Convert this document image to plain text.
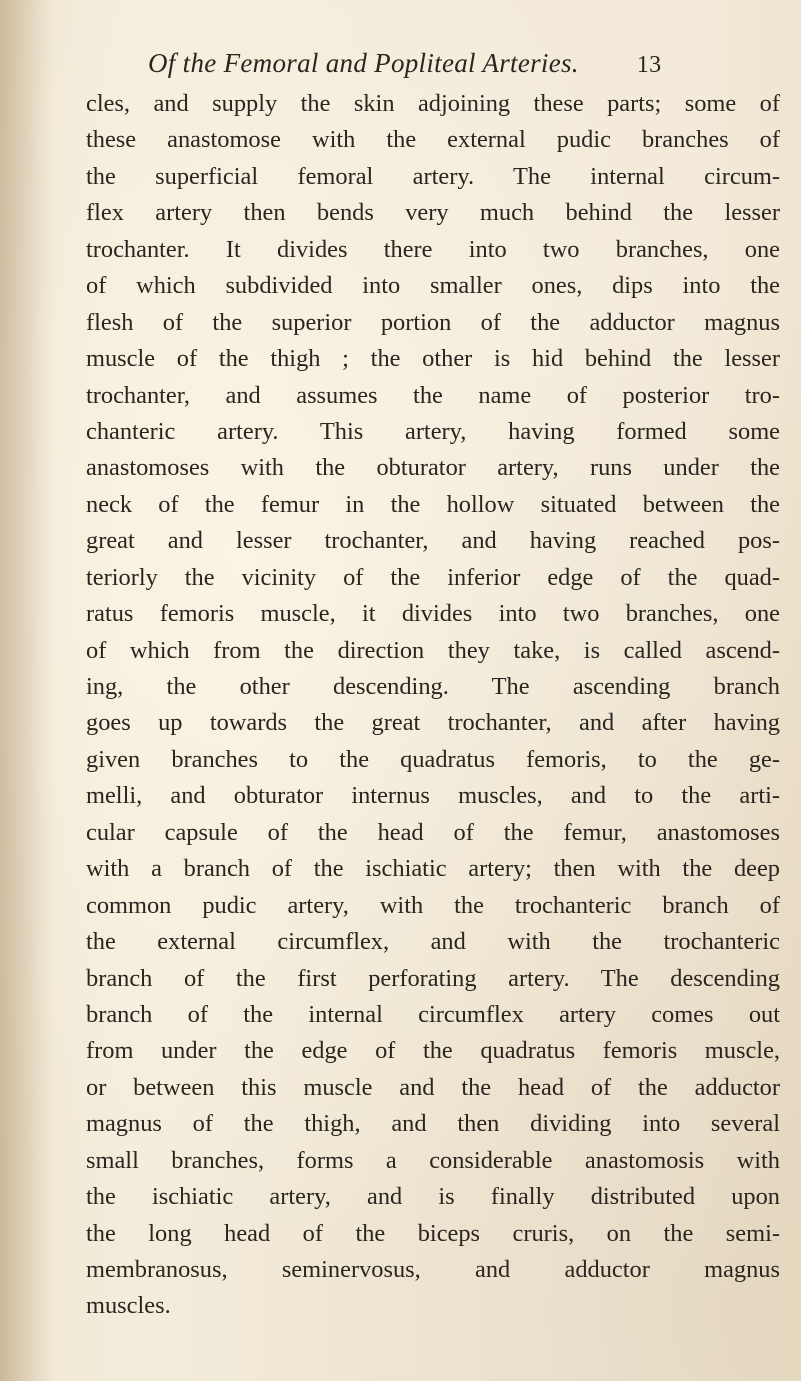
Of the Femoral and Popliteal Arteries. 13
cles, and supply the skin adjoining these parts; some of
these anastomose with the external pudic branches of
the superficial femoral artery. The internal circum-
flex artery then bends very much behind the lesser
trochanter. It divides there into two branches, one
of which subdivided into smaller ones, dips into the
flesh of the superior portion of the adductor magnus
muscle of the thigh ; the other is hid behind the lesser
trochanter, and assumes the name of posterior tro-
chanteric artery. This artery, having formed some
anastomoses with the obturator artery, runs under the
neck of the femur in the hollow situated between the
great and lesser trochanter, and having reached pos-
teriorly the vicinity of the inferior edge of the quad-
ratus femoris muscle, it divides into two branches, one
of which from the direction they take, is called ascend-
ing, the other descending. The ascending branch
goes up towards the great trochanter, and after having
given branches to the quadratus femoris, to the ge-
melli, and obturator internus muscles, and to the arti-
cular capsule of the head of the femur, anastomoses
with a branch of the ischiatic artery; then with the deep
common pudic artery, with the trochanteric branch of
the external circumflex, and with the trochanteric
branch of the first perforating artery. The descending
branch of the internal circumflex artery comes out
from under the edge of the quadratus femoris muscle,
or between this muscle and the head of the adductor
magnus of the thigh, and then dividing into several
small branches, forms a considerable anastomosis with
the ischiatic artery, and is finally distributed upon
the long head of the biceps cruris, on the semi-
membranosus, seminervosus, and adductor magnus
muscles.
